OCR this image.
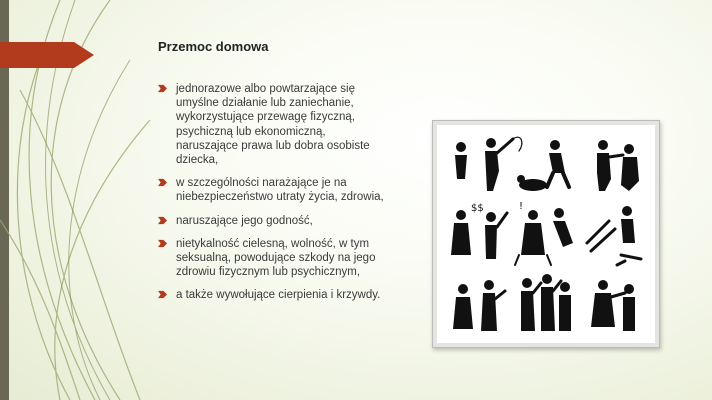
Przemoc domowa
jednorazowe albo powtarzające się umyślne działanie lub zaniechanie, wykorzystujące przewagę fizyczną, psychiczną lub ekonomiczną, naruszające prawa lub dobra osobiste dziecka,
w szczególności narażające je na niebezpieczeństwo utraty życia, zdrowia,
naruszające jego godność,
nietykalność cielesną, wolność, w tym seksualną, powodujące szkody na jego zdrowiu fizycznym lub psychicznym,
a także wywołujące cierpienia i krzywdy.
$$	!
